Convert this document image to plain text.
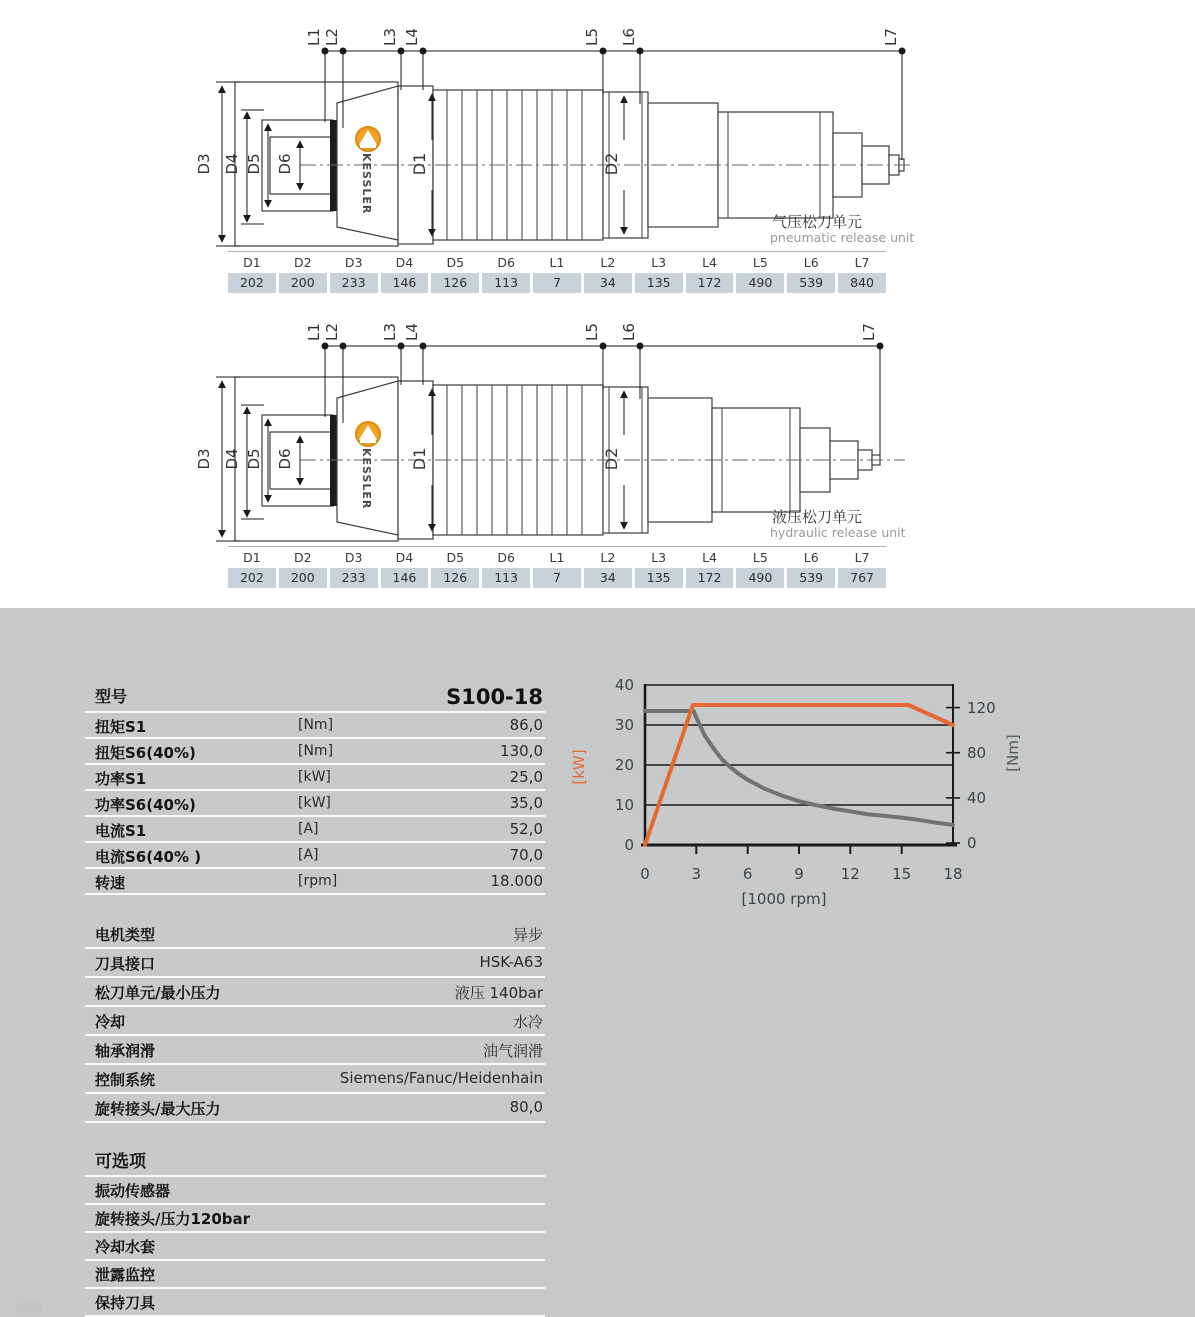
KESSLER
气压松刀单元
pneumatic release unit
L1 L2	L3 L4	L5 L6	L7
D3 D4 D5 D6	D1	D2
KESSLER
液压松刀单元
hydraulic release unit
L1 L2	L3 L4	L5 L6	L7
D3 D4 D5 D6	D1	D2
D1	D2	D3	D4	D5	D6	L1	L2	L3	L4	L5	L6	L7
202	200	233	146	126	113	7	34	135	172	490	539	840
D1	D2	D3	D4	D5	D6	L1	L2	L3	L4	L5	L6	L7
202	200	233	146	126	113	7	34	135	172	490	539	767
型号	S100-18
扭矩S1	[Nm]	86,0
扭矩S6(40%)	[Nm]	130,0
功率S1	[kW]	25,0
功率S6(40%)	[kW]	35,0
电流S1	[A]	52,0
电流S6(40% )	[A]	70,0
转速	[rpm]	18.000
电机类型	异步
刀具接口	HSK-A63
松刀单元/最小压力	液压 140bar
冷却	水冷
轴承润滑	油气润滑
控制系统	Siemens/Fanuc/Heidenhain
旋转接头/最大压力	80,0
可选项
振动传感器
旋转接头/压力120bar
冷却水套
泄露监控
保持刀具
40
30
20
10
0
120
80
40
0
0	3	6	9 12 15 18
[kW]	[Nm]
[1000 rpm]
